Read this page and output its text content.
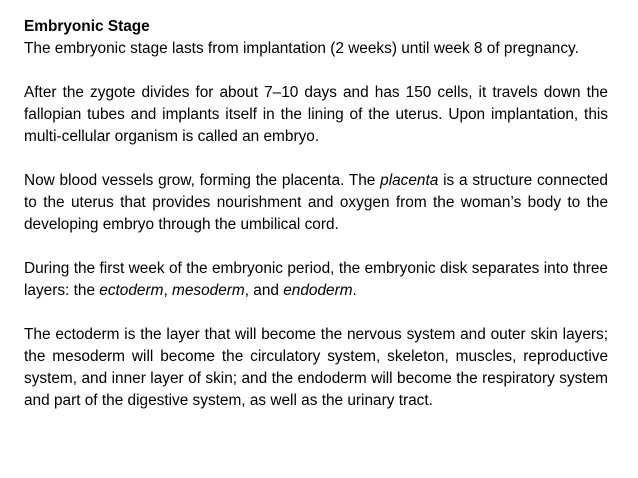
Embryonic Stage

The embryonic stage lasts from implantation (2 weeks) until week 8 of pregnancy.

After the zygote divides for about 7–10 days and has 150 cells, it travels down the fallopian tubes and implants itself in the lining of the uterus. Upon implantation, this multi-cellular organism is called an embryo.

Now blood vessels grow, forming the placenta. The placenta is a structure connected to the uterus that provides nourishment and oxygen from the woman’s body to the developing embryo through the umbilical cord.

During the first week of the embryonic period, the embryonic disk separates into three layers: the ectoderm, mesoderm, and endoderm.

The ectoderm is the layer that will become the nervous system and outer skin layers; the mesoderm will become the circulatory system, skeleton, muscles, reproductive system, and inner layer of skin; and the endoderm will become the respiratory system and part of the digestive system, as well as the urinary tract.
